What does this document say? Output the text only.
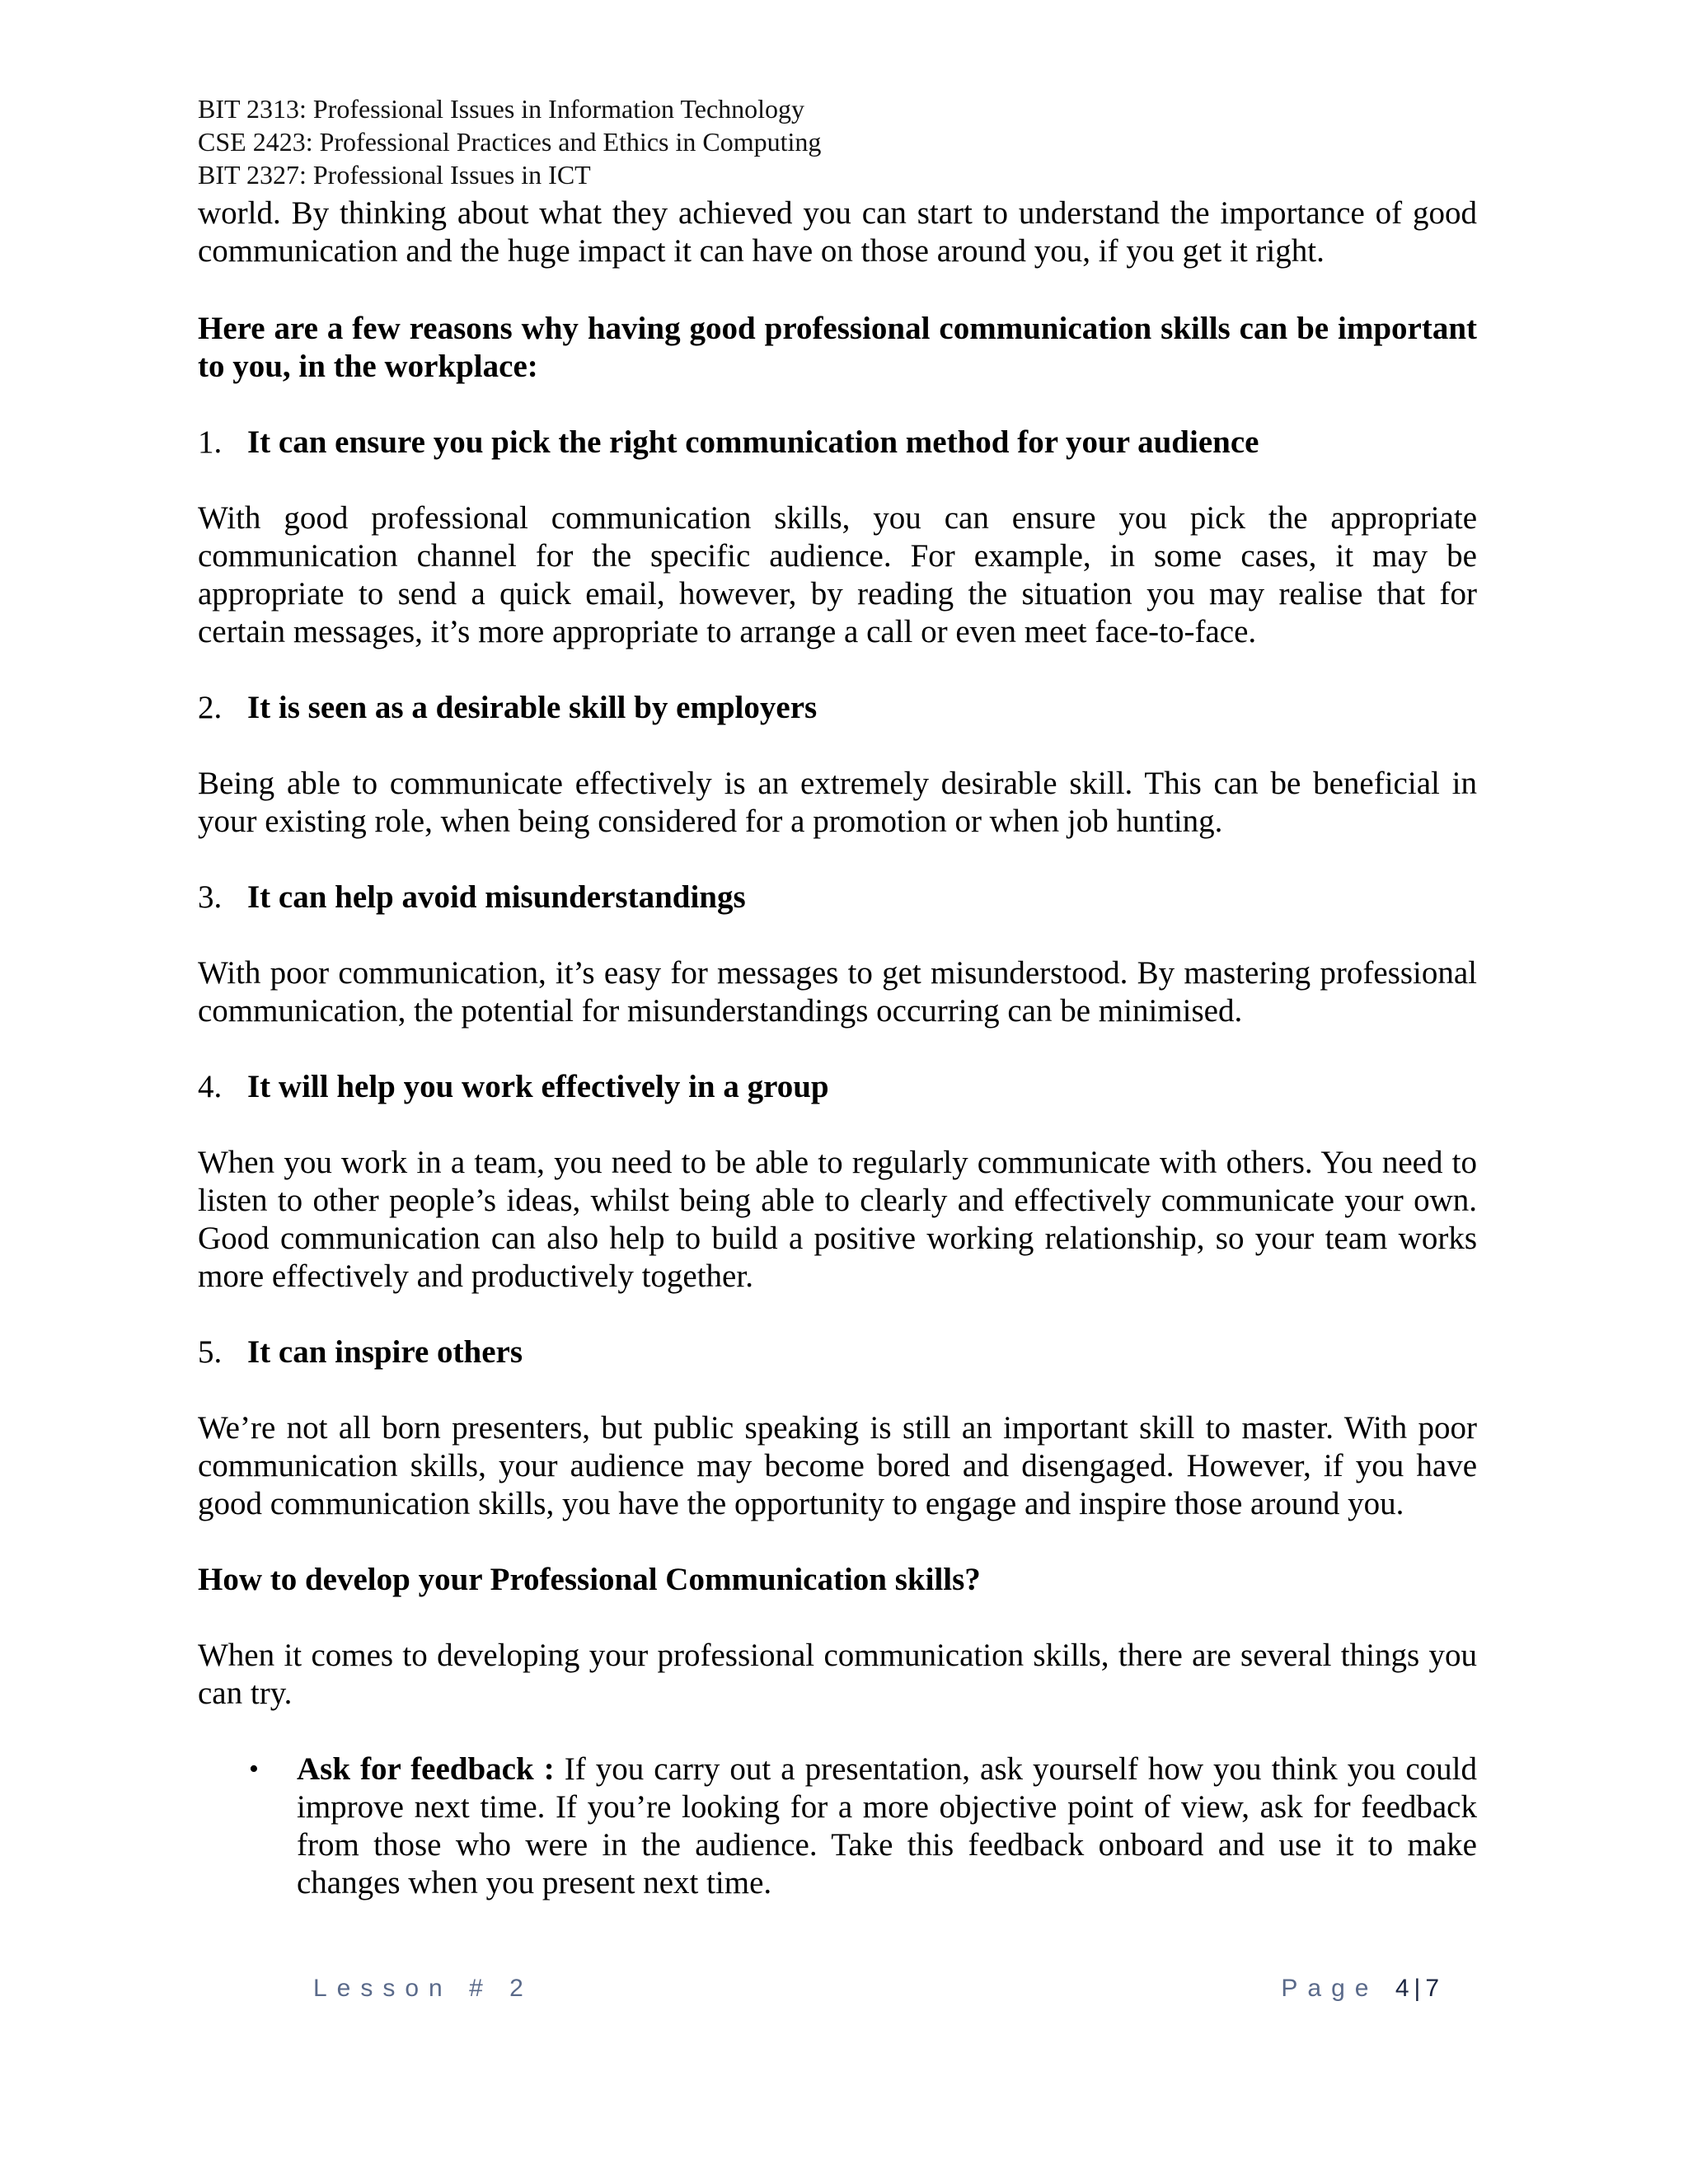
BIT 2313: Professional Issues in Information Technology
CSE 2423: Professional Practices and Ethics in Computing
BIT 2327: Professional Issues in ICT

world. By thinking about what they achieved you can start to understand the importance of good communication and the huge impact it can have on those around you, if you get it right.

Here are a few reasons why having good professional communication skills can be important to you, in the workplace:

1. It can ensure you pick the right communication method for your audience

With good professional communication skills, you can ensure you pick the appropriate communication channel for the specific audience. For example, in some cases, it may be appropriate to send a quick email, however, by reading the situation you may realise that for certain messages, it’s more appropriate to arrange a call or even meet face-to-face.

2. It is seen as a desirable skill by employers

Being able to communicate effectively is an extremely desirable skill. This can be beneficial in your existing role, when being considered for a promotion or when job hunting.

3. It can help avoid misunderstandings

With poor communication, it’s easy for messages to get misunderstood. By mastering professional communication, the potential for misunderstandings occurring can be minimised.

4. It will help you work effectively in a group

When you work in a team, you need to be able to regularly communicate with others. You need to listen to other people’s ideas, whilst being able to clearly and effectively communicate your own. Good communication can also help to build a positive working relationship, so your team works more effectively and productively together.

5. It can inspire others

We’re not all born presenters, but public speaking is still an important skill to master. With poor communication skills, your audience may become bored and disengaged. However, if you have good communication skills, you have the opportunity to engage and inspire those around you.

How to develop your Professional Communication skills?

When it comes to developing your professional communication skills, there are several things you can try.

• Ask for feedback : If you carry out a presentation, ask yourself how you think you could improve next time. If you’re looking for a more objective point of view, ask for feedback from those who were in the audience. Take this feedback onboard and use it to make changes when you present next time.
Lesson # 2	Page 4 | 7
